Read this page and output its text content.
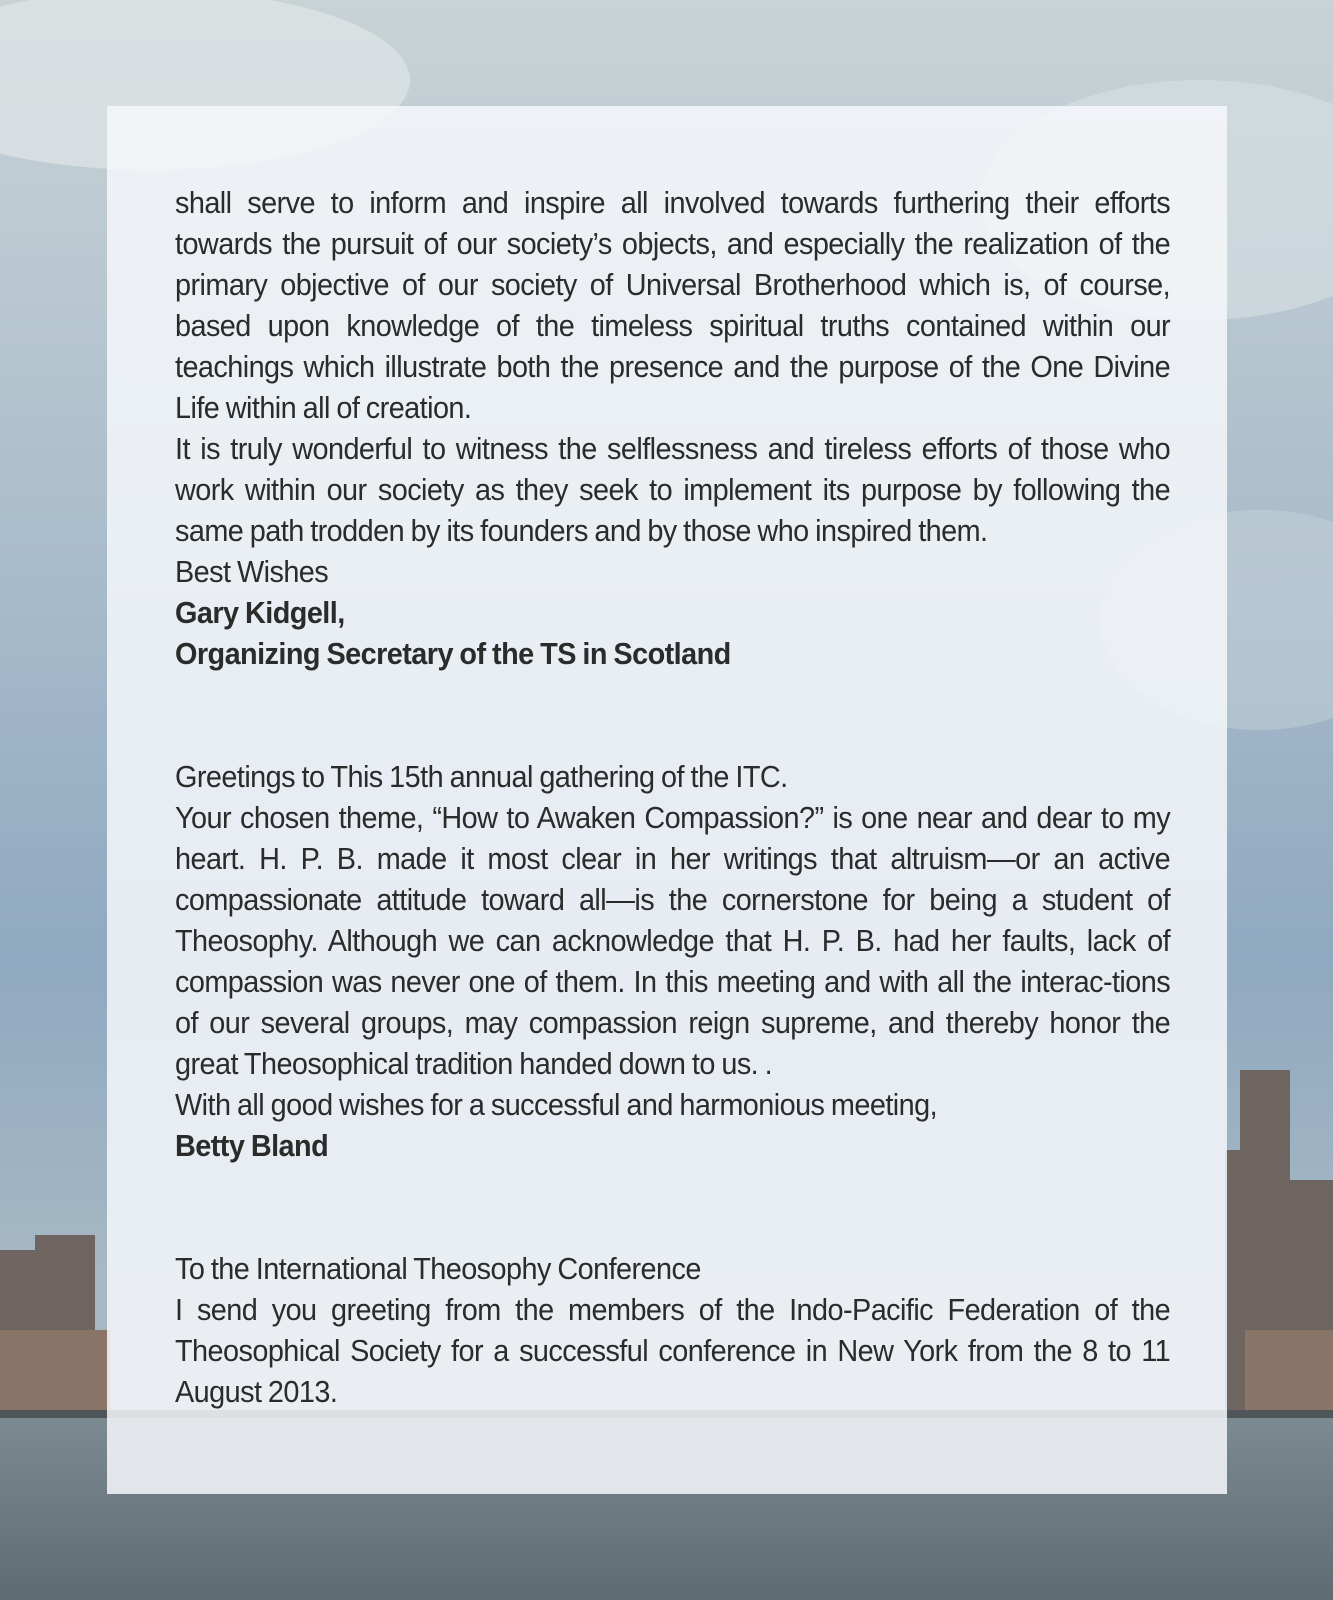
shall serve to inform and inspire all involved towards furthering their efforts towards the pursuit of our society’s objects, and especially the realization of the primary objective of our society of Universal Brotherhood which is, of course, based upon knowledge of the timeless spiritual truths contained within our teachings which illustrate both the presence and the purpose of the One Divine Life within all of creation.

It is truly wonderful to witness the selflessness and tireless efforts of those who work within our society as they seek to implement its purpose by following the same path trodden by its founders and by those who inspired them.

Best Wishes

Gary Kidgell,

Organizing Secretary of the TS in Scotland

Greetings to This 15th annual gathering of the ITC.

Your chosen theme, “How to Awaken Compassion?” is one near and dear to my heart. H. P. B. made it most clear in her writings that altruism—or an active compassionate attitude toward all—is the cornerstone for being a student of Theosophy. Although we can acknowledge that H. P. B. had her faults, lack of compassion was never one of them. In this meeting and with all the interac-tions of our several groups, may compassion reign supreme, and thereby honor the great Theosophical tradition handed down to us. .

With all good wishes for a successful and harmonious meeting,

Betty Bland

To the International Theosophy Conference

I send you greeting from the members of the Indo-Pacific Federation of the Theosophical Society for a successful conference in New York from the 8 to 11 August 2013.
